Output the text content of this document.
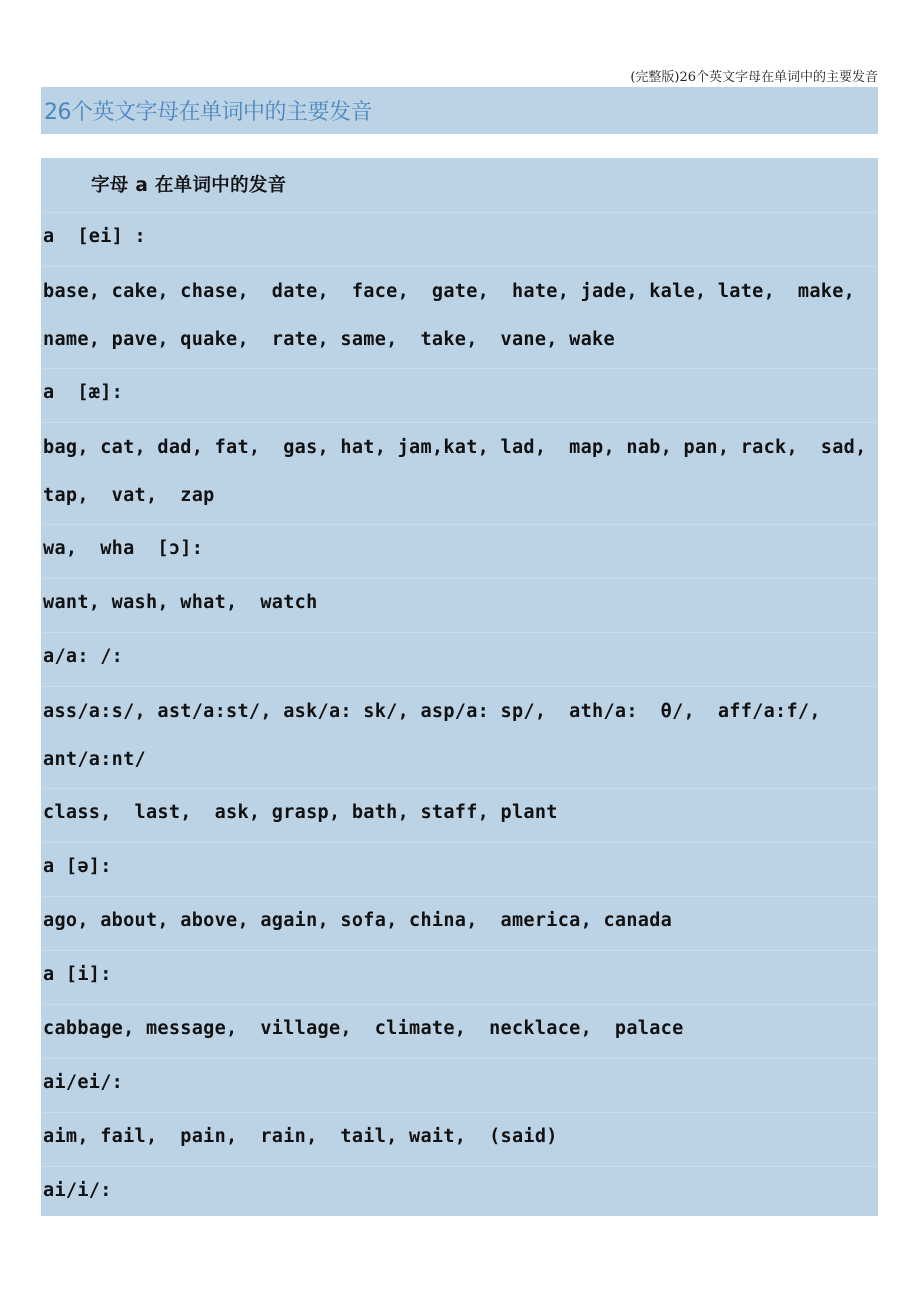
(完整版)26个英文字母在单词中的主要发音
26个英文字母在单词中的主要发音
字母 a 在单词中的发音
a  [ei] :
base, cake, chase,  date,  face,  gate,  hate, jade, kale, late,  make,
name, pave, quake,  rate, same,  take,  vane, wake
a  [æ]:
bag, cat, dad, fat,  gas, hat, jam,kat, lad,  map, nab, pan, rack,  sad,
tap,  vat,  zap
wa,  wha  [ɔ]:
want, wash, what,  watch
a/a: /:
ass/a:s/, ast/a:st/, ask/a: sk/, asp/a: sp/,  ath/a:  θ/,  aff/a:f/,
ant/a:nt/
class,  last,  ask, grasp, bath, staff, plant
a [ə]:
ago, about, above, again, sofa, china,  america, canada
a [i]:
cabbage, message,  village,  climate,  necklace,  palace
ai/ei/:
aim, fail,  pain,  rain,  tail, wait,  (said)
ai/i/:
